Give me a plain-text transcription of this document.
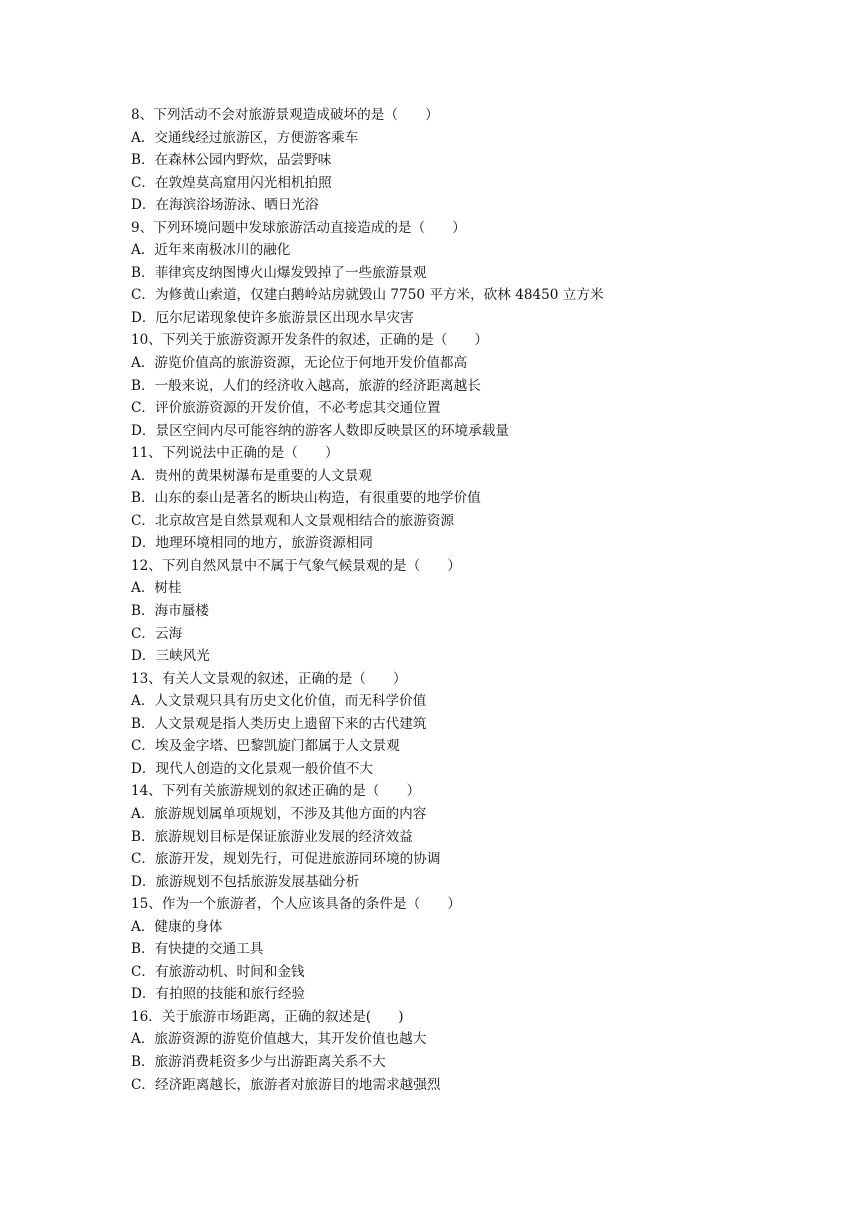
8、下列活动不会对旅游景观造成破坏的是（　　）
A．交通线经过旅游区，方便游客乘车
B．在森林公园内野炊，品尝野味
C．在敦煌莫高窟用闪光相机拍照
D．在海滨浴场游泳、晒日光浴
9、下列环境问题中发球旅游活动直接造成的是（　　）
A．近年来南极冰川的融化
B．菲律宾皮纳图博火山爆发毁掉了一些旅游景观
C．为修黄山索道，仅建白鹅岭站房就毁山 7750 平方米，砍林 48450 立方米
D．厄尔尼诺现象使许多旅游景区出现水旱灾害
10、下列关于旅游资源开发条件的叙述，正确的是（　　）
A．游览价值高的旅游资源，无论位于何地开发价值都高
B．一般来说，人们的经济收入越高，旅游的经济距离越长
C．评价旅游资源的开发价值，不必考虑其交通位置
D．景区空间内尽可能容纳的游客人数即反映景区的环境承载量
11、下列说法中正确的是（　　）
A．贵州的黄果树瀑布是重要的人文景观
B．山东的泰山是著名的断块山构造，有很重要的地学价值
C．北京故宫是自然景观和人文景观相结合的旅游资源
D．地理环境相同的地方，旅游资源相同
12、下列自然风景中不属于气象气候景观的是（　　）
A．树桂
B．海市蜃楼
C．云海
D．三峡风光
13、有关人文景观的叙述，正确的是（　　）
A．人文景观只具有历史文化价值，而无科学价值
B．人文景观是指人类历史上遗留下来的古代建筑
C．埃及金字塔、巴黎凯旋门都属于人文景观
D．现代人创造的文化景观一般价值不大
14、下列有关旅游规划的叙述正确的是（　　）
A．旅游规划属单项规划，不涉及其他方面的内容
B．旅游规划目标是保证旅游业发展的经济效益
C．旅游开发，规划先行，可促进旅游同环境的协调
D．旅游规划不包括旅游发展基础分析
15、作为一个旅游者，个人应该具备的条件是（　　）
A．健康的身体
B．有快捷的交通工具
C．有旅游动机、时间和金钱
D．有拍照的技能和旅行经验
16．关于旅游市场距离，正确的叙述是(　　)
A．旅游资源的游览价值越大，其开发价值也越大
B．旅游消费耗资多少与出游距离关系不大
C．经济距离越长，旅游者对旅游目的地需求越强烈
